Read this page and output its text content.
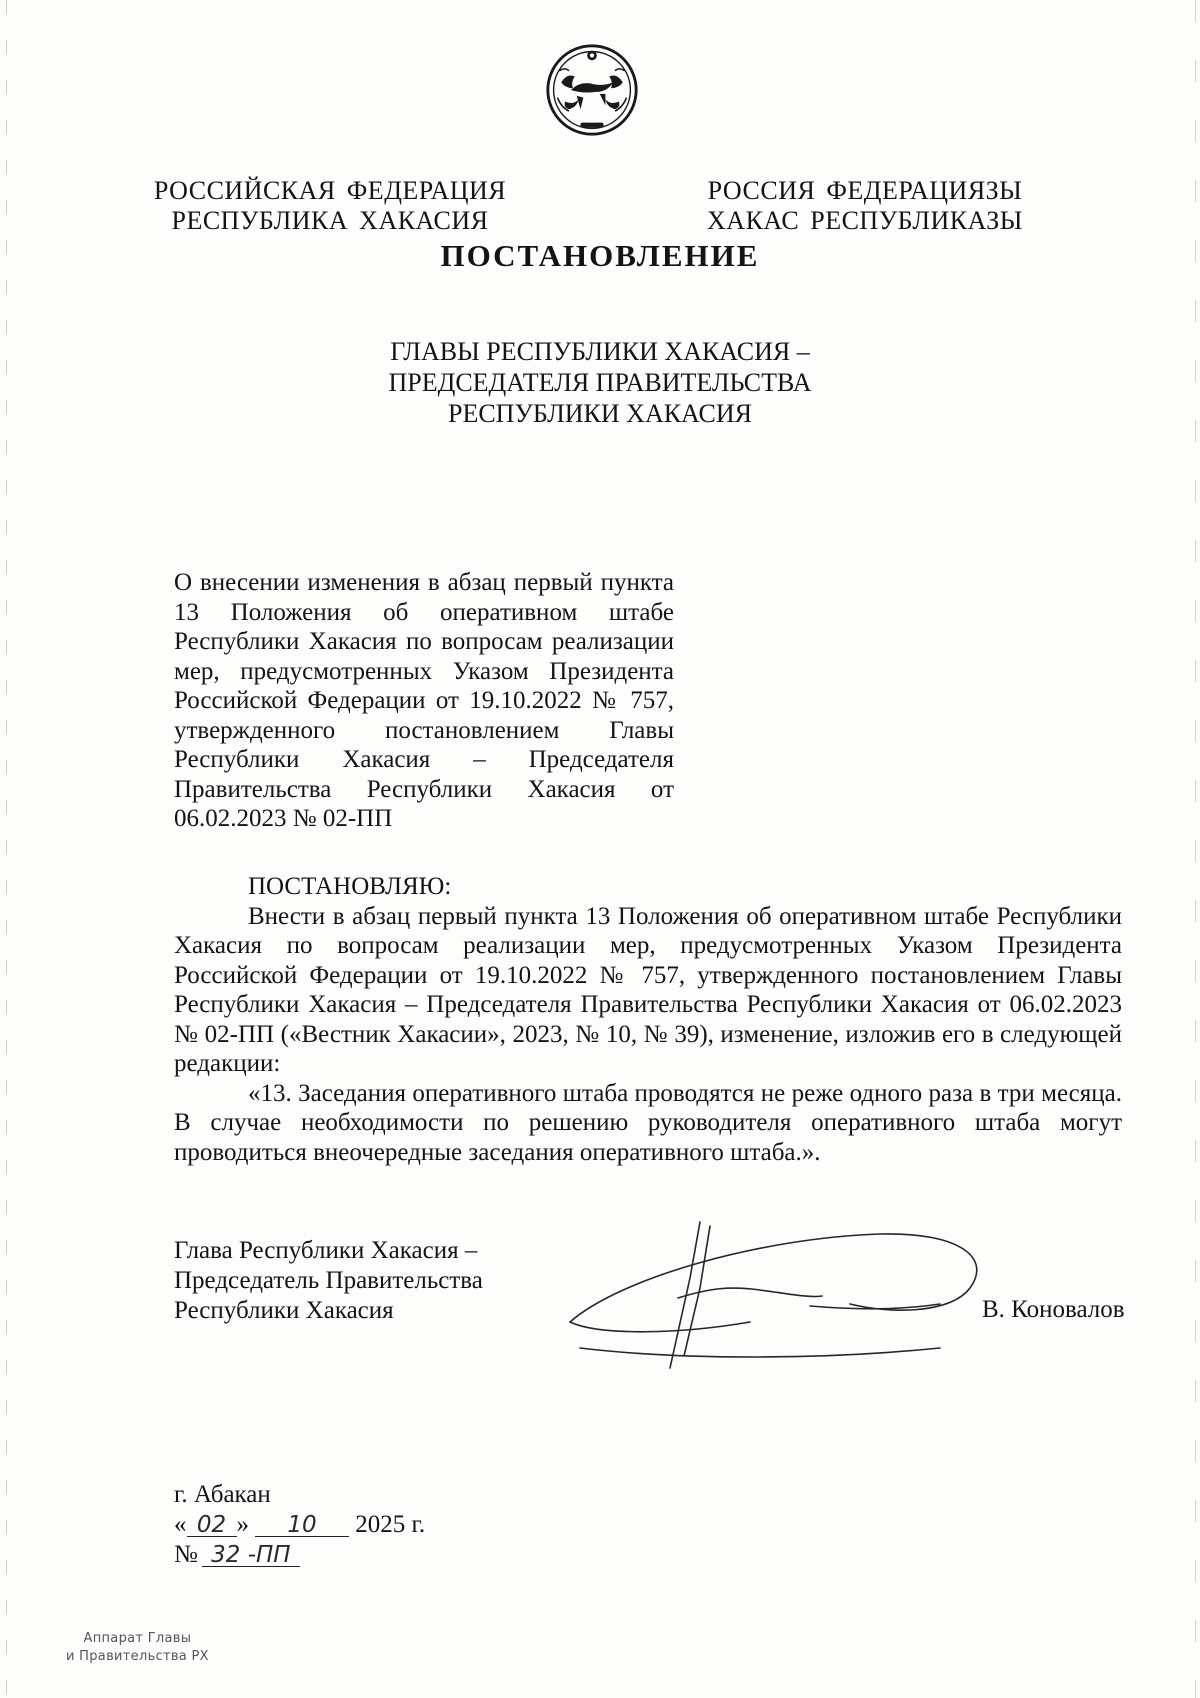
РОССИЙСКАЯ ФЕДЕРАЦИЯ
РЕСПУБЛИКА ХАКАСИЯ
РОССИЯ ФЕДЕРАЦИЯЗЫ
ХАКАС РЕСПУБЛИКАЗЫ
ПОСТАНОВЛЕНИЕ
ГЛАВЫ РЕСПУБЛИКИ ХАКАСИЯ –
ПРЕДСЕДАТЕЛЯ ПРАВИТЕЛЬСТВА
РЕСПУБЛИКИ ХАКАСИЯ
О внесении изменения в абзац первый пункта 13 Положения об оперативном штабе Республики Хакасия по вопросам реализации мер, предусмотренных Указом Президента Российской Федерации от 19.10.2022 № 757, утвержденного постановлением Главы Республики Хакасия – Председателя Правительства Республики Хакасия от 06.02.2023 № 02-ПП

ПОСТАНОВЛЯЮ:

Внести в абзац первый пункта 13 Положения об оперативном штабе Республики Хакасия по вопросам реализации мер, предусмотренных Указом Президента Российской Федерации от 19.10.2022 № 757, утвержденного постановлением Главы Республики Хакасия – Председателя Правительства Республики Хакасия от 06.02.2023 № 02-ПП («Вестник Хакасии», 2023, № 10, № 39), изменение, изложив его в следующей редакции:

«13. Заседания оперативного штаба проводятся не реже одного раза в три месяца. В случае необходимости по решению руководителя оперативного штаба могут проводиться внеочередные заседания оперативного штаба.».

Глава Республики Хакасия –
Председатель Правительства
Республики Хакасия	В. Коновалов
г. Абакан
« 02 » 10 2025 г.
№ 32 -ПП
Аппарат Главы
и Правительства РХ
